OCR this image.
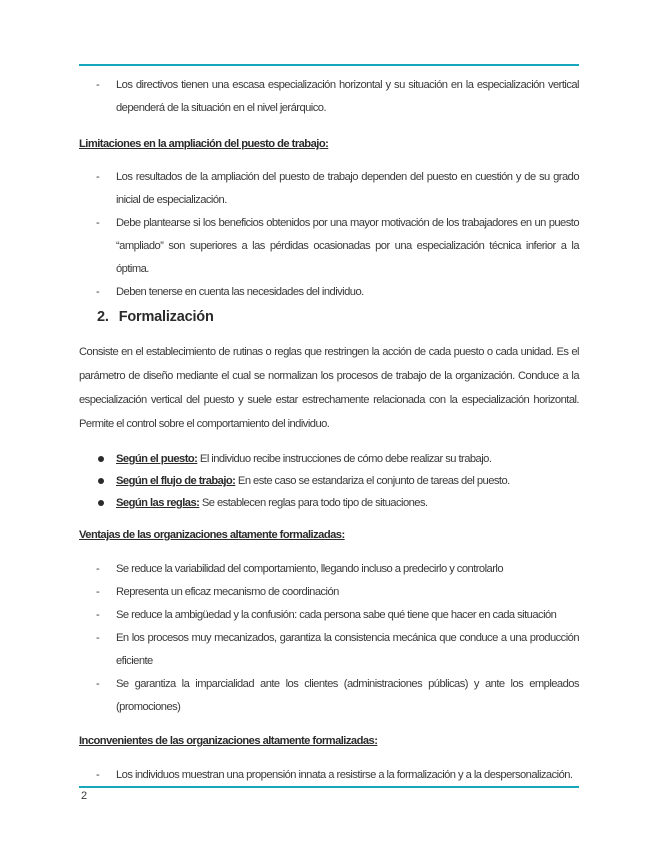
- Los directivos tienen una escasa especialización horizontal y su situación en la especialización vertical dependerá de la situación en el nivel jerárquico.
Limitaciones en la ampliación del puesto de trabajo:
- Los resultados de la ampliación del puesto de trabajo dependen del puesto en cuestión y de su grado inicial de especialización.
- Debe plantearse si los beneficios obtenidos por una mayor motivación de los trabajadores en un puesto “ampliado” son superiores a las pérdidas ocasionadas por una especialización técnica inferior a la óptima.
- Deben tenerse en cuenta las necesidades del individuo.
2. Formalización
Consiste en el establecimiento de rutinas o reglas que restringen la acción de cada puesto o cada unidad. Es el parámetro de diseño mediante el cual se normalizan los procesos de trabajo de la organización. Conduce a la especialización vertical del puesto y suele estar estrechamente relacionada con la especialización horizontal. Permite el control sobre el comportamiento del individuo.
Según el puesto: El individuo recibe instrucciones de cómo debe realizar su trabajo.
Según el flujo de trabajo: En este caso se estandariza el conjunto de tareas del puesto.
Según las reglas: Se establecen reglas para todo tipo de situaciones.
Ventajas de las organizaciones altamente formalizadas:
- Se reduce la variabilidad del comportamiento, llegando incluso a predecirlo y controlarlo
- Representa un eficaz mecanismo de coordinación
- Se reduce la ambigüedad y la confusión: cada persona sabe qué tiene que hacer en cada situación
- En los procesos muy mecanizados, garantiza la consistencia mecánica que conduce a una producción eficiente
- Se garantiza la imparcialidad ante los clientes (administraciones públicas) y ante los empleados (promociones)
Inconvenientes de las organizaciones altamente formalizadas:
- Los individuos muestran una propensión innata a resistirse a la formalización y a la despersonalización.
2
